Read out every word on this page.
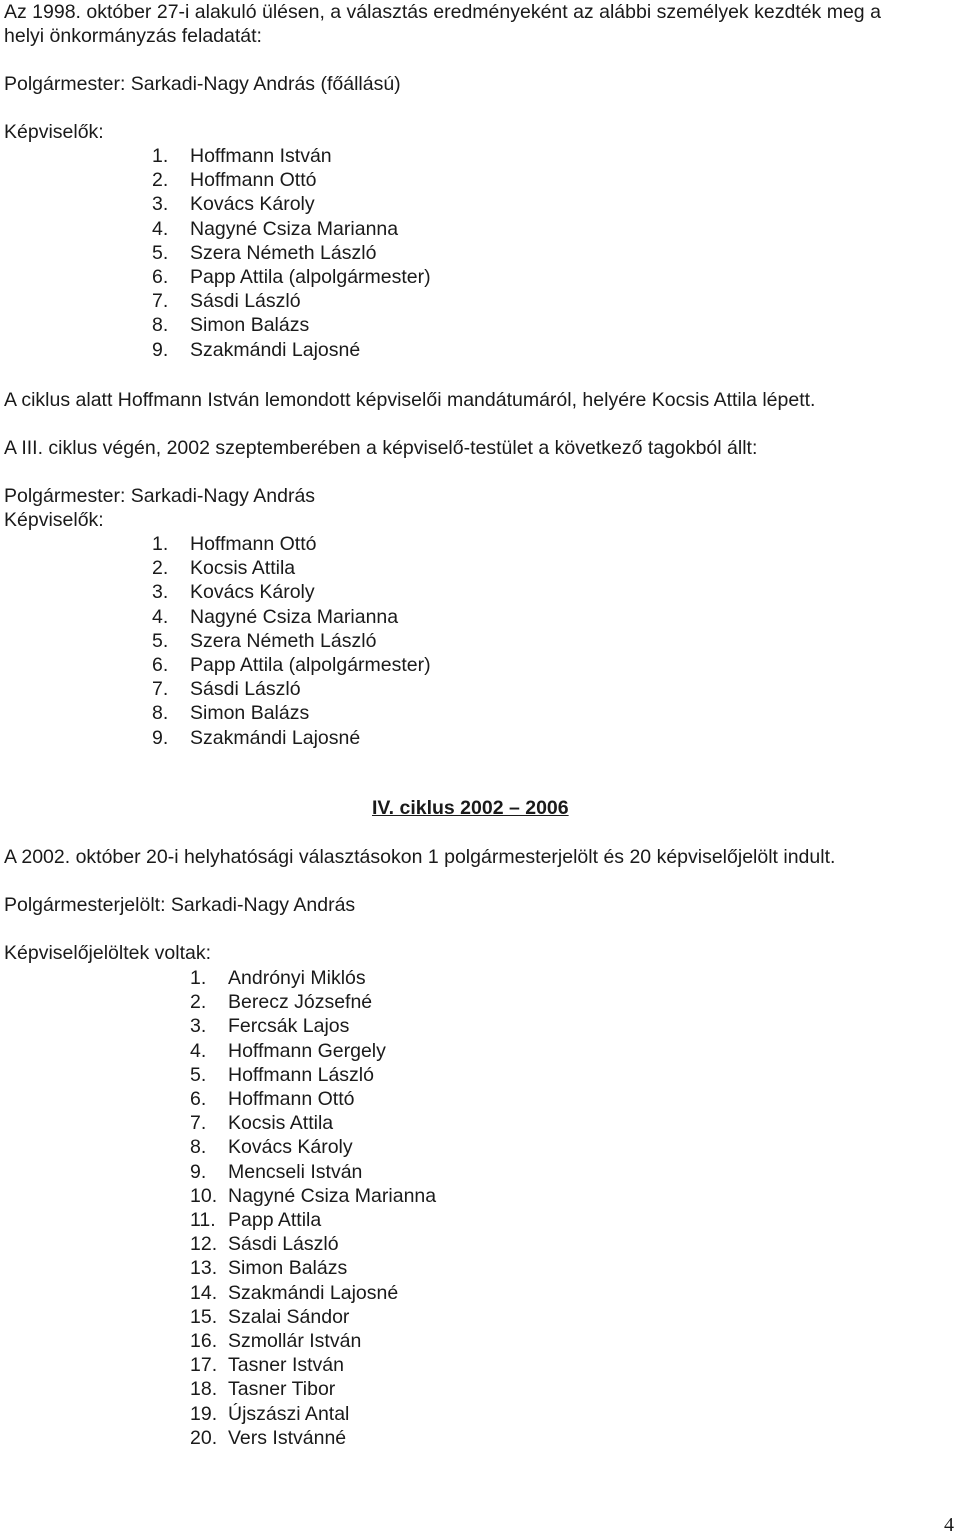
Az 1998. október 27-i alakuló ülésen, a választás eredményeként az alábbi személyek kezdték meg a
helyi önkormányzás feladatát:
Polgármester: Sarkadi-Nagy András (főállású)
Képviselők:
1. Hoffmann István
2. Hoffmann Ottó
3. Kovács Károly
4. Nagyné Csiza Marianna
5. Szera Németh László
6. Papp Attila (alpolgármester)
7. Sásdi László
8. Simon Balázs
9. Szakmándi Lajosné
A ciklus alatt Hoffmann István lemondott képviselői mandátumáról, helyére Kocsis Attila lépett.
A III. ciklus végén, 2002 szeptemberében a képviselő-testület a következő tagokból állt:
Polgármester: Sarkadi-Nagy András
Képviselők:
1. Hoffmann Ottó
2. Kocsis Attila
3. Kovács Károly
4. Nagyné Csiza Marianna
5. Szera Németh László
6. Papp Attila (alpolgármester)
7. Sásdi László
8. Simon Balázs
9. Szakmándi Lajosné
IV. ciklus 2002 – 2006
A 2002. október 20-i helyhatósági választásokon 1 polgármesterjelölt és 20 képviselőjelölt indult.
Polgármesterjelölt: Sarkadi-Nagy András
Képviselőjelöltek voltak:
1. Andrónyi Miklós
2. Berecz Józsefné
3. Fercsák Lajos
4. Hoffmann Gergely
5. Hoffmann László
6. Hoffmann Ottó
7. Kocsis Attila
8. Kovács Károly
9. Mencseli István
10. Nagyné Csiza Marianna
11. Papp Attila
12. Sásdi László
13. Simon Balázs
14. Szakmándi Lajosné
15. Szalai Sándor
16. Szmollár István
17. Tasner István
18. Tasner Tibor
19. Újszászi Antal
20. Vers Istvánné
4
